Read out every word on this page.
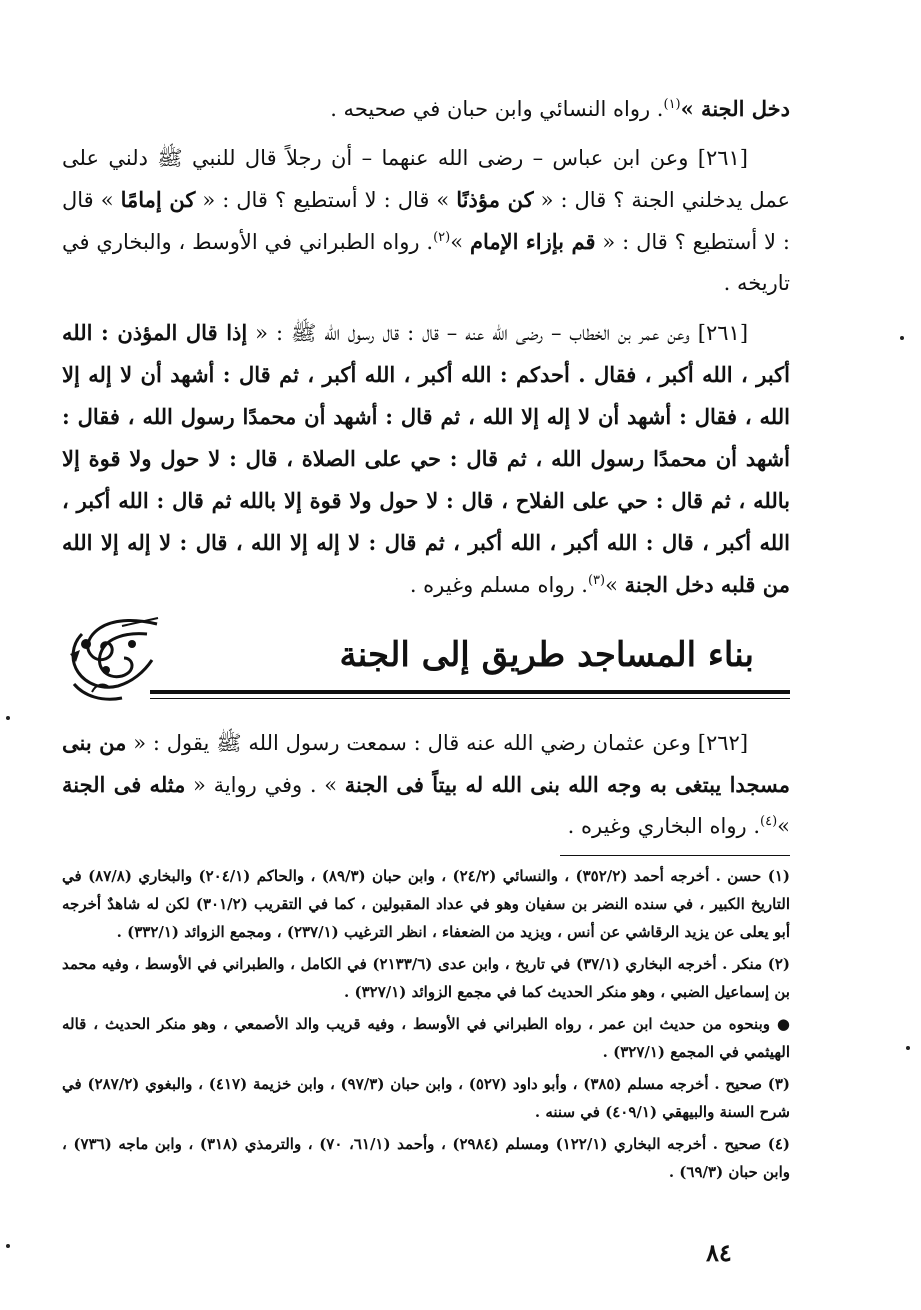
دخل الجنة »$^{(١)}$. رواه النسائي وابن حبان في صحيحه .

[٢٦١] وعن ابن عباس – رضى الله عنهما – أن رجلاً قال للنبي ﷺ دلني على عمل يدخلني الجنة ؟ قال : « كن مؤذنًا » قال : لا أستطيع ؟ قال : « كن إمامًا » قال : لا أستطيع ؟ قال : « قم بإزاء الإمام »$^{(٢)}$. رواه الطبراني في الأوسط ، والبخاري في تاريخه .

[٢٦١] وعن عمر بن الخطاب – رضى الله عنه – قال : قال رسول الله ﷺ : « إذا قال المؤذن : الله أكبر ، الله أكبر ، فقال . أحدكم : الله أكبر ، الله أكبر ، ثم قال : أشهد أن لا إله إلا الله ، فقال : أشهد أن لا إله إلا الله ، ثم قال : أشهد أن محمدًا رسول الله ، فقال : أشهد أن محمدًا رسول الله ، ثم قال : حي على الصلاة ، قال : لا حول ولا قوة إلا بالله ، ثم قال : حي على الفلاح ، قال : لا حول ولا قوة إلا بالله ثم قال : الله أكبر ، الله أكبر ، قال : الله أكبر ، الله أكبر ، ثم قال : لا إله إلا الله ، قال : لا إله إلا الله من قلبه دخل الجنة »$^{(٣)}$. رواه مسلم وغيره .

بناء المساجد طريق إلى الجنة

[٢٦٢] وعن عثمان رضي الله عنه قال : سمعت رسول الله ﷺ يقول : « من بنى مسجدا يبتغى به وجه الله بنى الله له بيتاً فى الجنة » . وفي رواية « مثله فى الجنة »$^{(٤)}$. رواه البخاري وغيره .

(١) حسن . أخرجه أحمد (٣٥٢/٢) ، والنسائي (٢٤/٢) ، وابن حبان (٨٩/٣) ، والحاكم (٢٠٤/١) والبخاري (٨٧/٨) في التاريخ الكبير ، في سنده النضر بن سفيان وهو في عداد المقبولين ، كما في التقريب (٣٠١/٢) لكن له شاهدٌ أخرجه أبو يعلى عن يزيد الرقاشي عن أنس ، ويزيد من الضعفاء ، انظر الترغيب (٢٣٧/١) ، ومجمع الزوائد (٣٣٢/١) .

(٢) منكر . أخرجه البخاري (٣٧/١) في تاريخ ، وابن عدى (٢١٣٣/٦) في الكامل ، والطبراني في الأوسط ، وفيه محمد بن إسماعيل الضبي ، وهو منكر الحديث كما في مجمع الزوائد (٣٢٧/١) .

● وبنحوه من حديث ابن عمر ، رواه الطبراني في الأوسط ، وفيه قريب والد الأصمعي ، وهو منكر الحديث ، قاله الهيثمي في المجمع (٣٢٧/١) .

(٣) صحيح . أخرجه مسلم (٣٨٥) ، وأبو داود (٥٢٧) ، وابن حبان (٩٧/٣) ، وابن خزيمة (٤١٧) ، والبغوي (٢٨٧/٢) في شرح السنة والبيهقي (٤٠٩/١) في سننه .

(٤) صحيح . أخرجه البخاري (١٢٢/١) ومسلم (٢٩٨٤) ، وأحمد (٦١/١، ٧٠) ، والترمذي (٣١٨) ، وابن ماجه (٧٣٦) ، وابن حبان (٦٩/٣) .

٨٤
